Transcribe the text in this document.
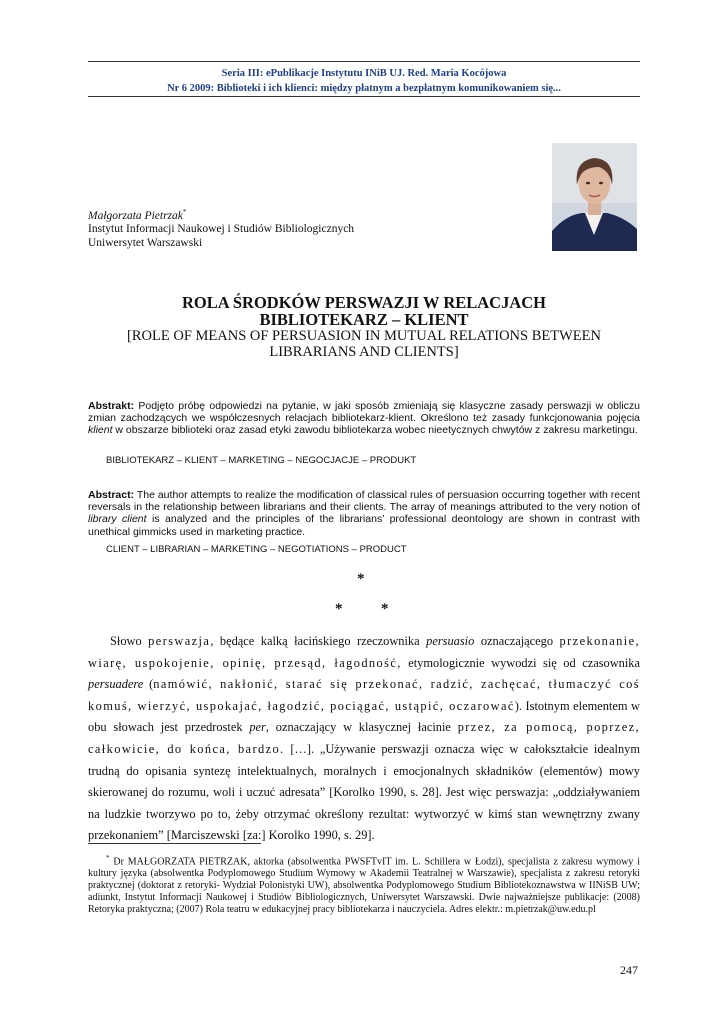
Seria III: ePublikacje Instytutu INiB UJ. Red. Maria Kocójowa
Nr 6 2009: Biblioteki i ich klienci: między płatnym a bezpłatnym komunikowaniem się...
Małgorzata Pietrzak*
Instytut Informacji Naukowej i Studiów Bibliologicznych
Uniwersytet Warszawski
ROLA ŚRODKÓW PERSWAZJI W RELACJACH
BIBLIOTEKARZ – KLIENT
[ROLE OF MEANS OF PERSUASION IN MUTUAL RELATIONS BETWEEN
LIBRARIANS AND CLIENTS]
Abstrakt: Podjęto próbę odpowiedzi na pytanie, w jaki sposób zmieniają się klasyczne zasady perswazji w obliczu zmian zachodzących we współczesnych relacjach bibliotekarz-klient. Określono też zasady funkcjonowania pojęcia klient w obszarze biblioteki oraz zasad etyki zawodu bibliotekarza wobec nieetycznych chwytów z zakresu marketingu.
BIBLIOTEKARZ – KLIENT – MARKETING – NEGOCJACJE – PRODUKT
Abstract: The author attempts to realize the modification of classical rules of persuasion occurring together with recent reversals in the relationship between librarians and their clients. The array of meanings attributed to the very notion of library client is analyzed and the principles of the librarians’ professional deontology are shown in contrast with unethical gimmicks used in marketing practice.
CLIENT – LIBRARIAN – MARKETING – NEGOTIATIONS – PRODUCT
*
*	*

Słowo perswazja, będące kalką łacińskiego rzeczownika persuasio oznaczającego przekonanie, wiarę, uspokojenie, opinię, przesąd, łagodność, etymologicznie wywodzi się od czasownika persuadere (namówić, nakłonić, starać się przekonać, radzić, zachęcać, tłumaczyć coś komuś, wierzyć, uspokajać, łagodzić, pociągać, ustąpić, oczarować). Istotnym elementem w obu słowach jest przedrostek per, oznaczający w klasycznej łacinie przez, za pomocą, poprzez, całkowicie, do końca, bardzo. […]. „Używanie perswazji oznacza więc w całokształcie idealnym trudną do opisania syntezę intelektualnych, moralnych i emocjonalnych składników (elementów) mowy skierowanej do rozumu, woli i uczuć adresata” [Korolko 1990, s. 28]. Jest więc perswazja: „oddziaływaniem na ludzkie tworzywo po to, żeby otrzymać określony rezultat: wytworzyć w kimś stan wewnętrzny zwany przekonaniem” [Marciszewski [za:] Korolko 1990, s. 29].

* Dr MAŁGORZATA PIETRZAK, aktorka (absolwentka PWSFTvIT im. L. Schillera w Łodzi), specjalista z zakresu wymowy i kultury języka (absolwentka Podyplomowego Studium Wymowy w Akademii Teatralnej w Warszawie), specjalista z zakresu retoryki praktycznej (doktorat z retoryki- Wydział Polonistyki UW), absolwentka Podyplomowego Studium Bibliotekoznawstwa w IINiSB UW; adiunkt, Instytut Informacji Naukowej i Studiów Bibliologicznych, Uniwersytet Warszawski. Dwie najważniejsze publikacje: (2008) Retoryka praktyczna; (2007) Rola teatru w edukacyjnej pracy bibliotekarza i nauczyciela. Adres elektr.: m.pietrzak@uw.edu.pl

247
